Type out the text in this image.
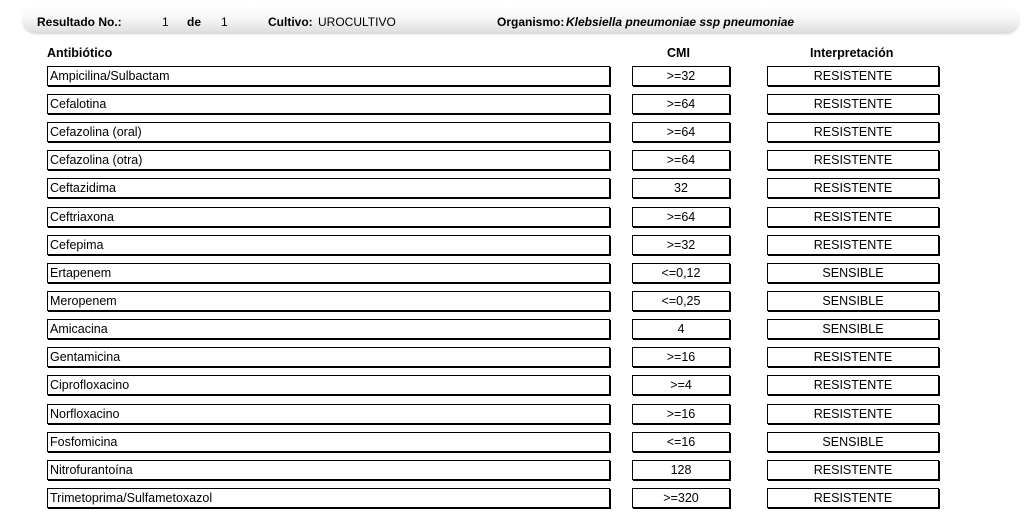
Resultado No.:	1 de 1	Cultivo: UROCULTIVO	Organismo: Klebsiella pneumoniae ssp pneumoniae
Antibiótico	CMI	Interpretación
Ampicilina/Sulbactam	>=32	RESISTENTE
Cefalotina	>=64	RESISTENTE
Cefazolina (oral)	>=64	RESISTENTE
Cefazolina (otra)	>=64	RESISTENTE
Ceftazidima	32	RESISTENTE
Ceftriaxona	>=64	RESISTENTE
Cefepima	>=32	RESISTENTE
Ertapenem	<=0,12	SENSIBLE
Meropenem	<=0,25	SENSIBLE
Amicacina	4	SENSIBLE
Gentamicina	>=16	RESISTENTE
Ciprofloxacino	>=4	RESISTENTE
Norfloxacino	>=16	RESISTENTE
Fosfomicina	<=16	SENSIBLE
Nitrofurantoína	128	RESISTENTE
Trimetoprima/Sulfametoxazol	>=320	RESISTENTE
